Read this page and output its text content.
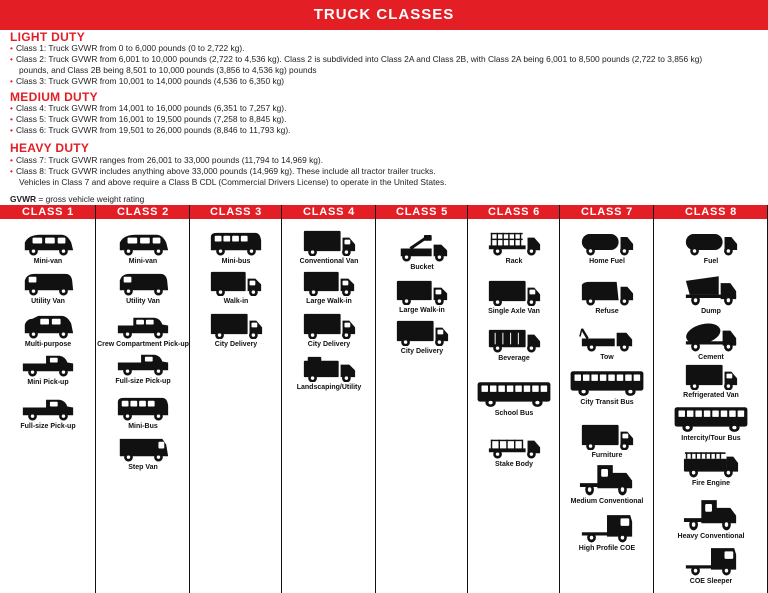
TRUCK CLASSES
LIGHT DUTY
• Class 1: Truck GVWR from 0 to 6,000 pounds (0 to 2,722 kg).
• Class 2: Truck GVWR from 6,001 to 10,000 pounds (2,722 to 4,536 kg). Class 2 is subdivided into Class 2A and Class 2B, with Class 2A being 6,001 to 8,500 pounds (2,722 to 3,856 kg)
pounds, and Class 2B being 8,501 to 10,000 pounds (3,856 to 4,536 kg) pounds
• Class 3: Truck GVWR from 10,001 to 14,000 pounds (4,536 to 6,350 kg)
MEDIUM DUTY
• Class 4: Truck GVWR from 14,001 to 16,000 pounds (6,351 to 7,257 kg).
• Class 5: Truck GVWR from 16,001 to 19,500 pounds (7,258 to 8,845 kg).
• Class 6: Truck GVWR from 19,501 to 26,000 pounds (8,846 to 11,793 kg).
HEAVY DUTY
• Class 7: Truck GVWR ranges from 26,001 to 33,000 pounds (11,794 to 14,969 kg).
• Class 8: Truck GVWR includes anything above 33,000 pounds (14,969 kg). These include all tractor trailer trucks.
Vehicles in Class 7 and above require a Class B CDL (Commercial Drivers License) to operate in the United States.
GVWR = gross vehicle weight rating
CLASS 1
Mini-van
Utility Van
Multi-purpose
Mini Pick-up
Full-size Pick-up
CLASS 2
Mini-van
Utility Van
Crew Compartment Pick-up
Full-size Pick-up
Mini-Bus
Step Van
CLASS 3
Mini-bus
Walk-in
City Delivery
CLASS 4
Conventional Van
Large Walk-in
City Delivery
Landscaping/Utility
CLASS 5
Bucket
Large Walk-in
City Delivery
CLASS 6
Rack
Single Axle Van
Beverage
School Bus
Stake Body
CLASS 7
Home Fuel
Refuse
Tow
City Transit Bus
Furniture
Medium Conventional
High Profile COE
CLASS 8
Fuel
Dump
Cement
Refrigerated Van
Intercity/Tour Bus
Fire Engine
Heavy Conventional
COE Sleeper
